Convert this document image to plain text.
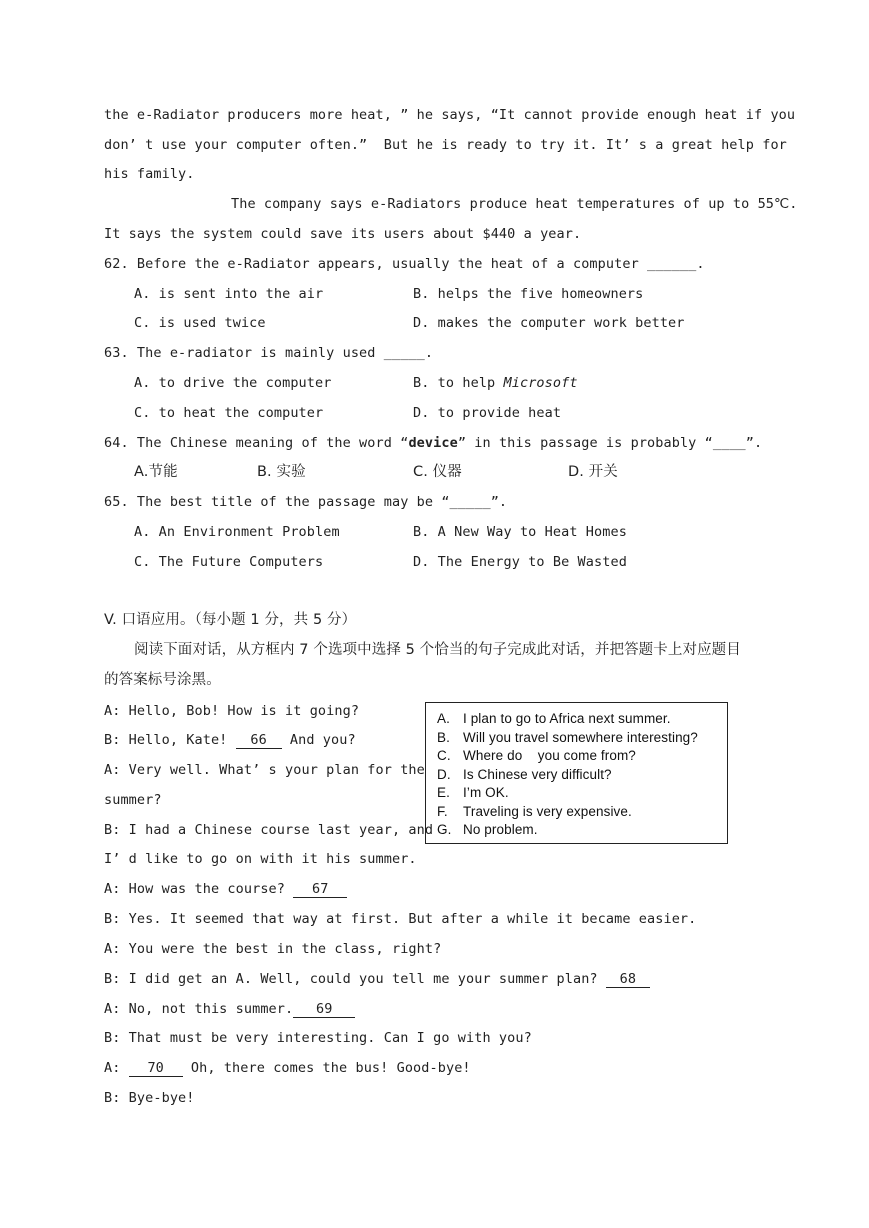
the e-Radiator producers more heat, ” he says, “It cannot provide enough heat if you
don’ t use your computer often.”  But he is ready to try it. It’ s a great help for
his family.
The company says e-Radiators produce heat temperatures of up to 55℃.
It says the system could save its users about $440 a year.
62. Before the e-Radiator appears, usually the heat of a computer ______.
A. is sent into the air	B. helps the five homeowners
C. is used twice	D. makes the computer work better
63. The e-radiator is mainly used _____.
A. to drive the computer	B. to help Microsoft
C. to heat the computer	D. to provide heat
64. The Chinese meaning of the word “device” in this passage is probably “____”.
A.节能	B. 实验	C. 仪器	D. 开关
65. The best title of the passage may be “_____”.
A. An Environment Problem	B. A New Way to Heat Homes
C. The Future Computers	D. The Energy to Be Wasted
V. 口语应用。（每小题 1 分，共 5 分）
阅读下面对话，从方框内 7 个选项中选择 5 个恰当的句子完成此对话，并把答题卡上对应题目
的答案标号涂黑。
A. I plan to go to Africa next summer.
B. Will you travel somewhere interesting?
C. Where do    you come from?
D. Is Chinese very difficult?
E. I’m OK.
F. Traveling is very expensive.
G. No problem.
A: Hello, Bob! How is it going?
B: Hello, Kate! 66 And you?
A: Very well. What’ s your plan for the
summer?
B: I had a Chinese course last year, and
I’ d like to go on with it his summer.
A: How was the course? 67
B: Yes. It seemed that way at first. But after a while it became easier.
A: You were the best in the class, right?
B: I did get an A. Well, could you tell me your summer plan? 68
A: No, not this summer. 69
B: That must be very interesting. Can I go with you?
A: 70 Oh, there comes the bus! Good-bye!
B: Bye-bye!
